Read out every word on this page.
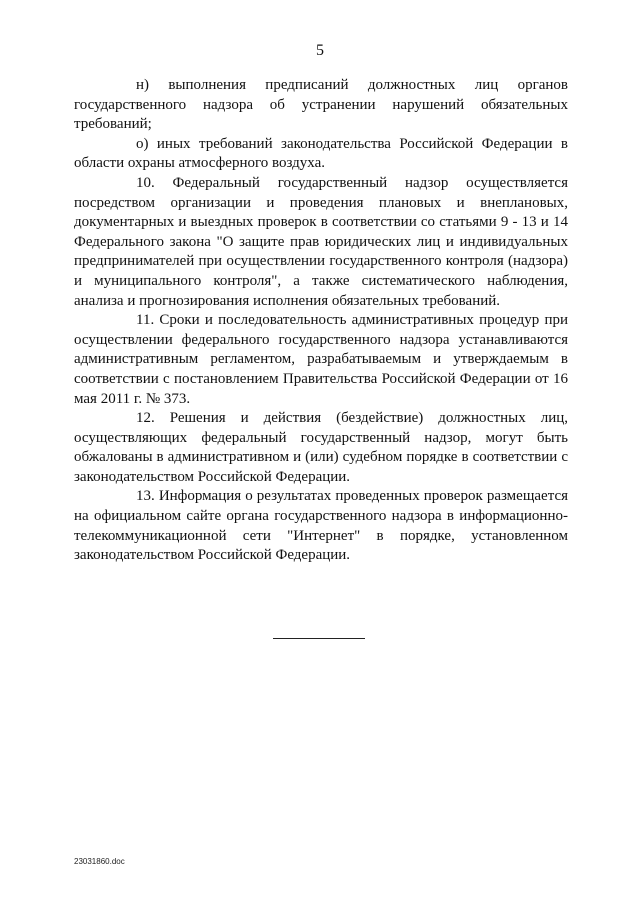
5

н) выполнения предписаний должностных лиц органов государственного надзора об устранении нарушений обязательных требований;

о) иных требований законодательства Российской Федерации в области охраны атмосферного воздуха.

10. Федеральный государственный надзор осуществляется посредством организации и проведения плановых и внеплановых, документарных и выездных проверок в соответствии со статьями 9 - 13 и 14 Федерального закона "О защите прав юридических лиц и индивидуальных предпринимателей при осуществлении государственного контроля (надзора) и муниципального контроля", а также систематического наблюдения, анализа и прогнозирования исполнения обязательных требований.

11. Сроки и последовательность административных процедур при осуществлении федерального государственного надзора устанавливаются административным регламентом, разрабатываемым и утверждаемым в соответствии с постановлением Правительства Российской Федерации от 16 мая 2011 г. № 373.

12. Решения и действия (бездействие) должностных лиц, осуществляющих федеральный государственный надзор, могут быть обжалованы в административном и (или) судебном порядке в соответствии с законодательством Российской Федерации.

13. Информация о результатах проведенных проверок размещается на официальном сайте органа государственного надзора в информационно-телекоммуникационной сети "Интернет" в порядке, установленном законодательством Российской Федерации.

23031860.doc
